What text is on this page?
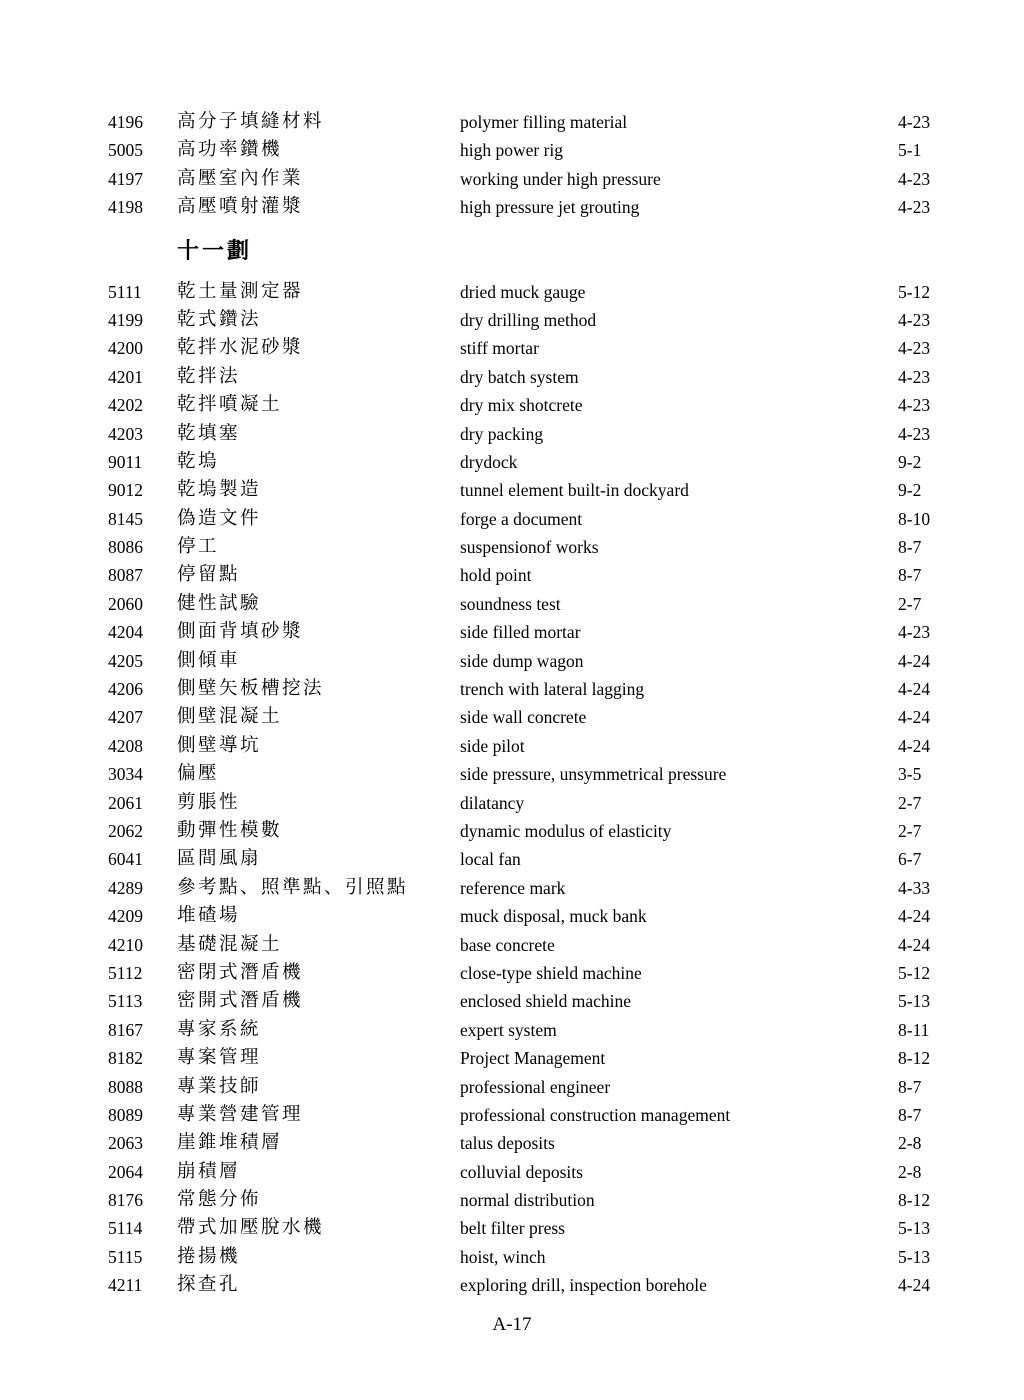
4196 高分子填縫材料	polymer filling material	4-23
5005 高功率鑽機	high power rig	5-1
4197 高壓室內作業	working under high pressure	4-23
4198 高壓噴射灌漿	high pressure jet grouting	4-23
十一劃
5111 乾土量測定器	dried muck gauge	5-12
4199 乾式鑽法	dry drilling method	4-23
4200 乾拌水泥砂漿	stiff mortar	4-23
4201 乾拌法	dry batch system	4-23
4202 乾拌噴凝土	dry mix shotcrete	4-23
4203 乾填塞	dry packing	4-23
9011 乾塢	drydock	9-2
9012 乾塢製造	tunnel element built-in dockyard	9-2
8145 偽造文件	forge a document	8-10
8086 停工	suspensionof works	8-7
8087 停留點	hold point	8-7
2060 健性試驗	soundness test	2-7
4204 側面背填砂漿	side filled mortar	4-23
4205 側傾車	side dump wagon	4-24
4206 側壁矢板槽挖法	trench with lateral lagging	4-24
4207 側壁混凝土	side wall concrete	4-24
4208 側壁導坑	side pilot	4-24
3034 偏壓	side pressure, unsymmetrical pressure	3-5
2061 剪脹性	dilatancy	2-7
2062 動彈性模數	dynamic modulus of elasticity	2-7
6041 區間風扇	local fan	6-7
4289 參考點、照準點、引照點	reference mark	4-33
4209 堆碴場	muck disposal, muck bank	4-24
4210 基礎混凝土	base concrete	4-24
5112 密閉式潛盾機	close-type shield machine	5-12
5113 密開式潛盾機	enclosed shield machine	5-13
8167 專家系統	expert system	8-11
8182 專案管理	Project Management	8-12
8088 專業技師	professional engineer	8-7
8089 專業營建管理	professional construction management	8-7
2063 崖錐堆積層	talus deposits	2-8
2064 崩積層	colluvial deposits	2-8
8176 常態分佈	normal distribution	8-12
5114 帶式加壓脫水機	belt filter press	5-13
5115 捲揚機	hoist, winch	5-13
4211 探查孔	exploring drill, inspection borehole	4-24
A-17
